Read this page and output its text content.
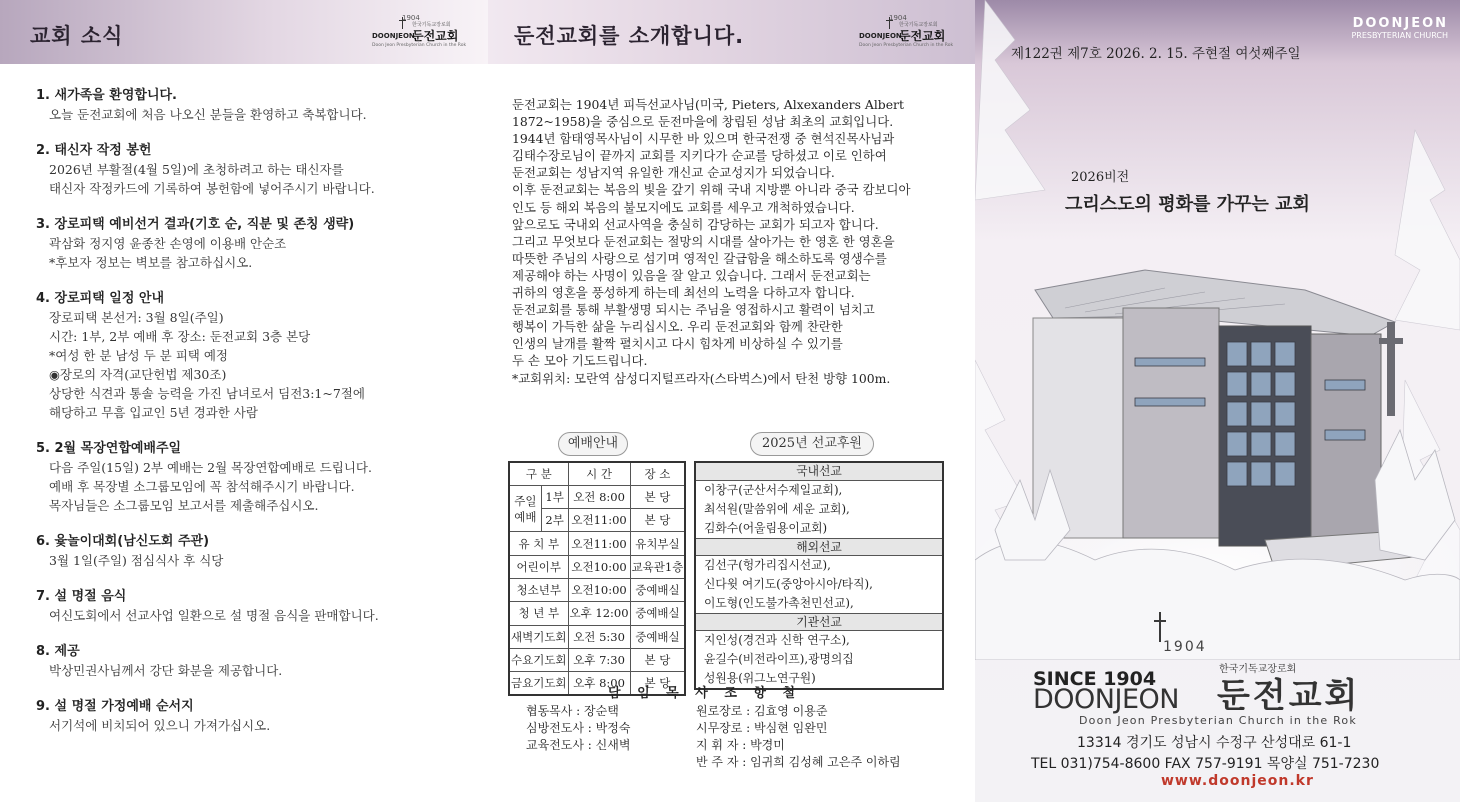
교회 소식
1904
한국기독교장로회
DOONJEON
둔전교회
Doon Jeon Presbyterian Church in the Rok
1. 새가족을 환영합니다.
오늘 둔전교회에 처음 나오신 분들을 환영하고 축복합니다.
2. 태신자 작정 봉헌
2026년 부활절(4월 5일)에 초청하려고 하는 태신자를
태신자 작정카드에 기록하여 봉헌함에 넣어주시기 바랍니다.
3. 장로피택 예비선거 결과(기호 순, 직분 및 존칭 생략)
곽삼화 정지영 윤종찬 손영에 이용배 안순조
*후보자 정보는 벽보를 참고하십시오.
4. 장로피택 일정 안내
장로피택 본선거: 3월 8일(주일)
시간: 1부, 2부 예배 후 장소: 둔전교회 3층 본당
*여성 한 분 남성 두 분 피택 예정
◉장로의 자격(교단헌법 제30조)
상당한 식견과 통솔 능력을 가진 남녀로서 딤전3:1~7절에
해당하고 무흠 입교인 5년 경과한 사람
5. 2월 목장연합예배주일
다음 주일(15일) 2부 예배는 2월 목장연합예배로 드립니다.
예배 후 목장별 소그룹모임에 꼭 참석해주시기 바랍니다.
목자님들은 소그룹모임 보고서를 제출해주십시오.
6. 윷놀이대회(남신도회 주관)
3월 1일(주일) 점심식사 후 식당
7. 설 명절 음식
여신도회에서 선교사업 일환으로 설 명절 음식을 판매합니다.
8. 제공
박상민권사님께서 강단 화분을 제공합니다.
9. 설 명절 가정예배 순서지
서기석에 비치되어 있으니 가져가십시오.
둔전교회를 소개합니다.
1904
한국기독교장로회
DOONJEON
둔전교회
Doon Jeon Presbyterian Church in the Rok

둔전교회는 1904년 피득선교사님(미국, Pieters, Alxexanders Albert

1872~1958)을 중심으로 둔전마을에 창립된 성남 최초의 교회입니다.

1944년 함태영목사님이 시무한 바 있으며 한국전쟁 중 현석진목사님과

김태수장로님이 끝까지 교회를 지키다가 순교를 당하셨고 이로 인하여

둔전교회는 성남지역 유일한 개신교 순교성지가 되었습니다.

이후 둔전교회는 복음의 빛을 갚기 위해 국내 지방뿐 아니라 중국 캄보디아

인도 등 해외 복음의 불모지에도 교회를 세우고 개척하였습니다.

앞으로도 국내외 선교사역을 충실히 감당하는 교회가 되고자 합니다.

그리고 무엇보다 둔전교회는 절망의 시대를 살아가는 한 영혼 한 영혼을

따뜻한 주님의 사랑으로 섬기며 영적인 갈급함을 해소하도록 영생수를

제공해야 하는 사명이 있음을 잘 알고 있습니다. 그래서 둔전교회는

귀하의 영혼을 풍성하게 하는데 최선의 노력을 다하고자 합니다.

둔전교회를 통해 부활생명 되시는 주님을 영접하시고 활력이 넘치고

행복이 가득한 삶을 누리십시오. 우리 둔전교회와 함께 찬란한

인생의 날개를 활짝 펼치시고 다시 힘차게 비상하실 수 있기를

두 손 모아 기도드립니다.

*교회위치: 모란역 삼성디지털프라자(스타벅스)에서 탄천 방향 100m.

예배안내	2025년 선교후원
구 분		시 간	장 소
주일
예배	1부	오전 8:00	본 당
	2부	오전11:00	본 당
유 치 부		오전11:00	유치부실
어린이부		오전10:00	교육관1층
청소년부		오전10:00	중예배실
청 년 부		오후 12:00	중예배실
새벽기도회		오전 5:30	중예배실
수요기도회		오후 7:30	본 당
금요기도회		오후 8:00	본 당
국내선교
이창구(군산서수제일교회),
최석원(말씀위에 세운 교회),
김화수(어울림용이교회)
해외선교
김선구(헝가리집시선교),
신다윗 여기도(중앙아시아/타직),
이도형(인도불가촉천민선교),
기관선교
지인성(경건과 신학 연구소),
윤길수(비전라이프),광명의집
성원용(위그노연구원)
담 임 목 사 조 항 철
협동목사 : 장순택
심방전도사 : 박정숙
교육전도사 : 신새벽
원로장로 : 김효영 이용준
시무장로 : 박심현 임완민
지 휘 자 : 박경미
반 주 자 : 임귀희 김성혜 고은주 이하림
DOONJEON
PRESBYTERIAN CHURCH
제122권 제7호 2026. 2. 15. 주현절 여섯째주일
2026비전
그리스도의 평화를 가꾸는 교회
1904
SINCE 1904
DOONJEON
한국기독교장로회
둔전교회
Doon Jeon Presbyterian Church in the Rok
13314 경기도 성남시 수정구 산성대로 61-1
TEL 031)754-8600 FAX 757-9191 목양실 751-7230
www.doonjeon.kr
